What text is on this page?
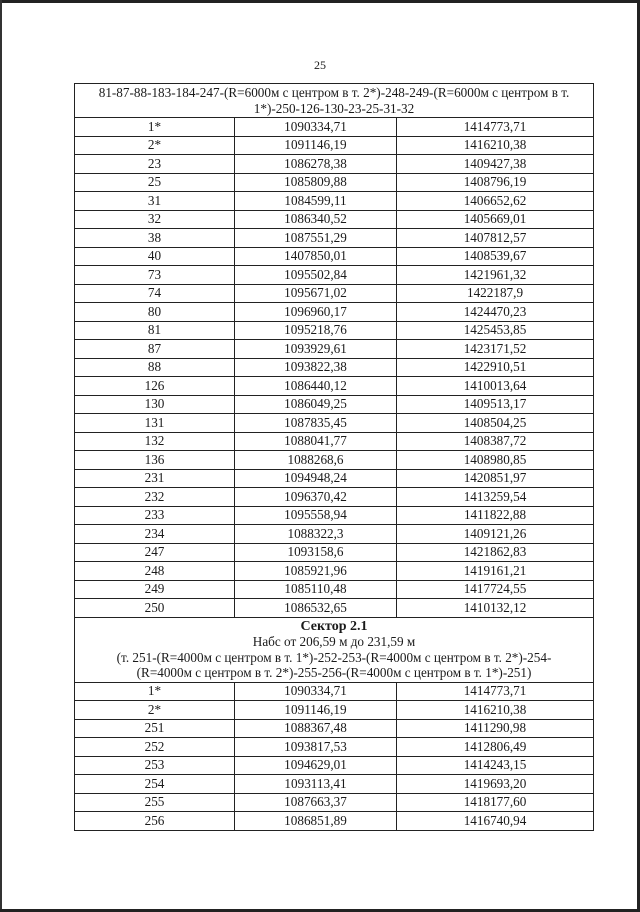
25
81-87-88-183-184-247-(R=6000м с центром в т. 2*)-248-249-(R=6000м с центром в т.
1*)-250-126-130-23-25-31-32		

1*	1090334,71	1414773,71
2*	1091146,19	1416210,38
23	1086278,38	1409427,38
25	1085809,88	1408796,19
31	1084599,11	1406652,62
32	1086340,52	1405669,01
38	1087551,29	1407812,57
40	1407850,01	1408539,67
73	1095502,84	1421961,32
74	1095671,02	1422187,9
80	1096960,17	1424470,23
81	1095218,76	1425453,85
87	1093929,61	1423171,52
88	1093822,38	1422910,51
126	1086440,12	1410013,64
130	1086049,25	1409513,17
131	1087835,45	1408504,25
132	1088041,77	1408387,72
136	1088268,6	1408980,85
231	1094948,24	1420851,97
232	1096370,42	1413259,54
233	1095558,94	1411822,88
234	1088322,3	1409121,26
247	1093158,6	1421862,83
248	1085921,96	1419161,21
249	1085110,48	1417724,55
250	1086532,65	1410132,12

Сектор 2.1
Набс от 206,59 м до 231,59 м
(т. 251-(R=4000м с центром в т. 1*)-252-253-(R=4000м с центром в т. 2*)-254-
(R=4000м с центром в т. 2*)-255-256-(R=4000м с центром в т. 1*)-251)		

1*	1090334,71	1414773,71
2*	1091146,19	1416210,38
251	1088367,48	1411290,98
252	1093817,53	1412806,49
253	1094629,01	1414243,15
254	1093113,41	1419693,20
255	1087663,37	1418177,60
256	1086851,89	1416740,94
